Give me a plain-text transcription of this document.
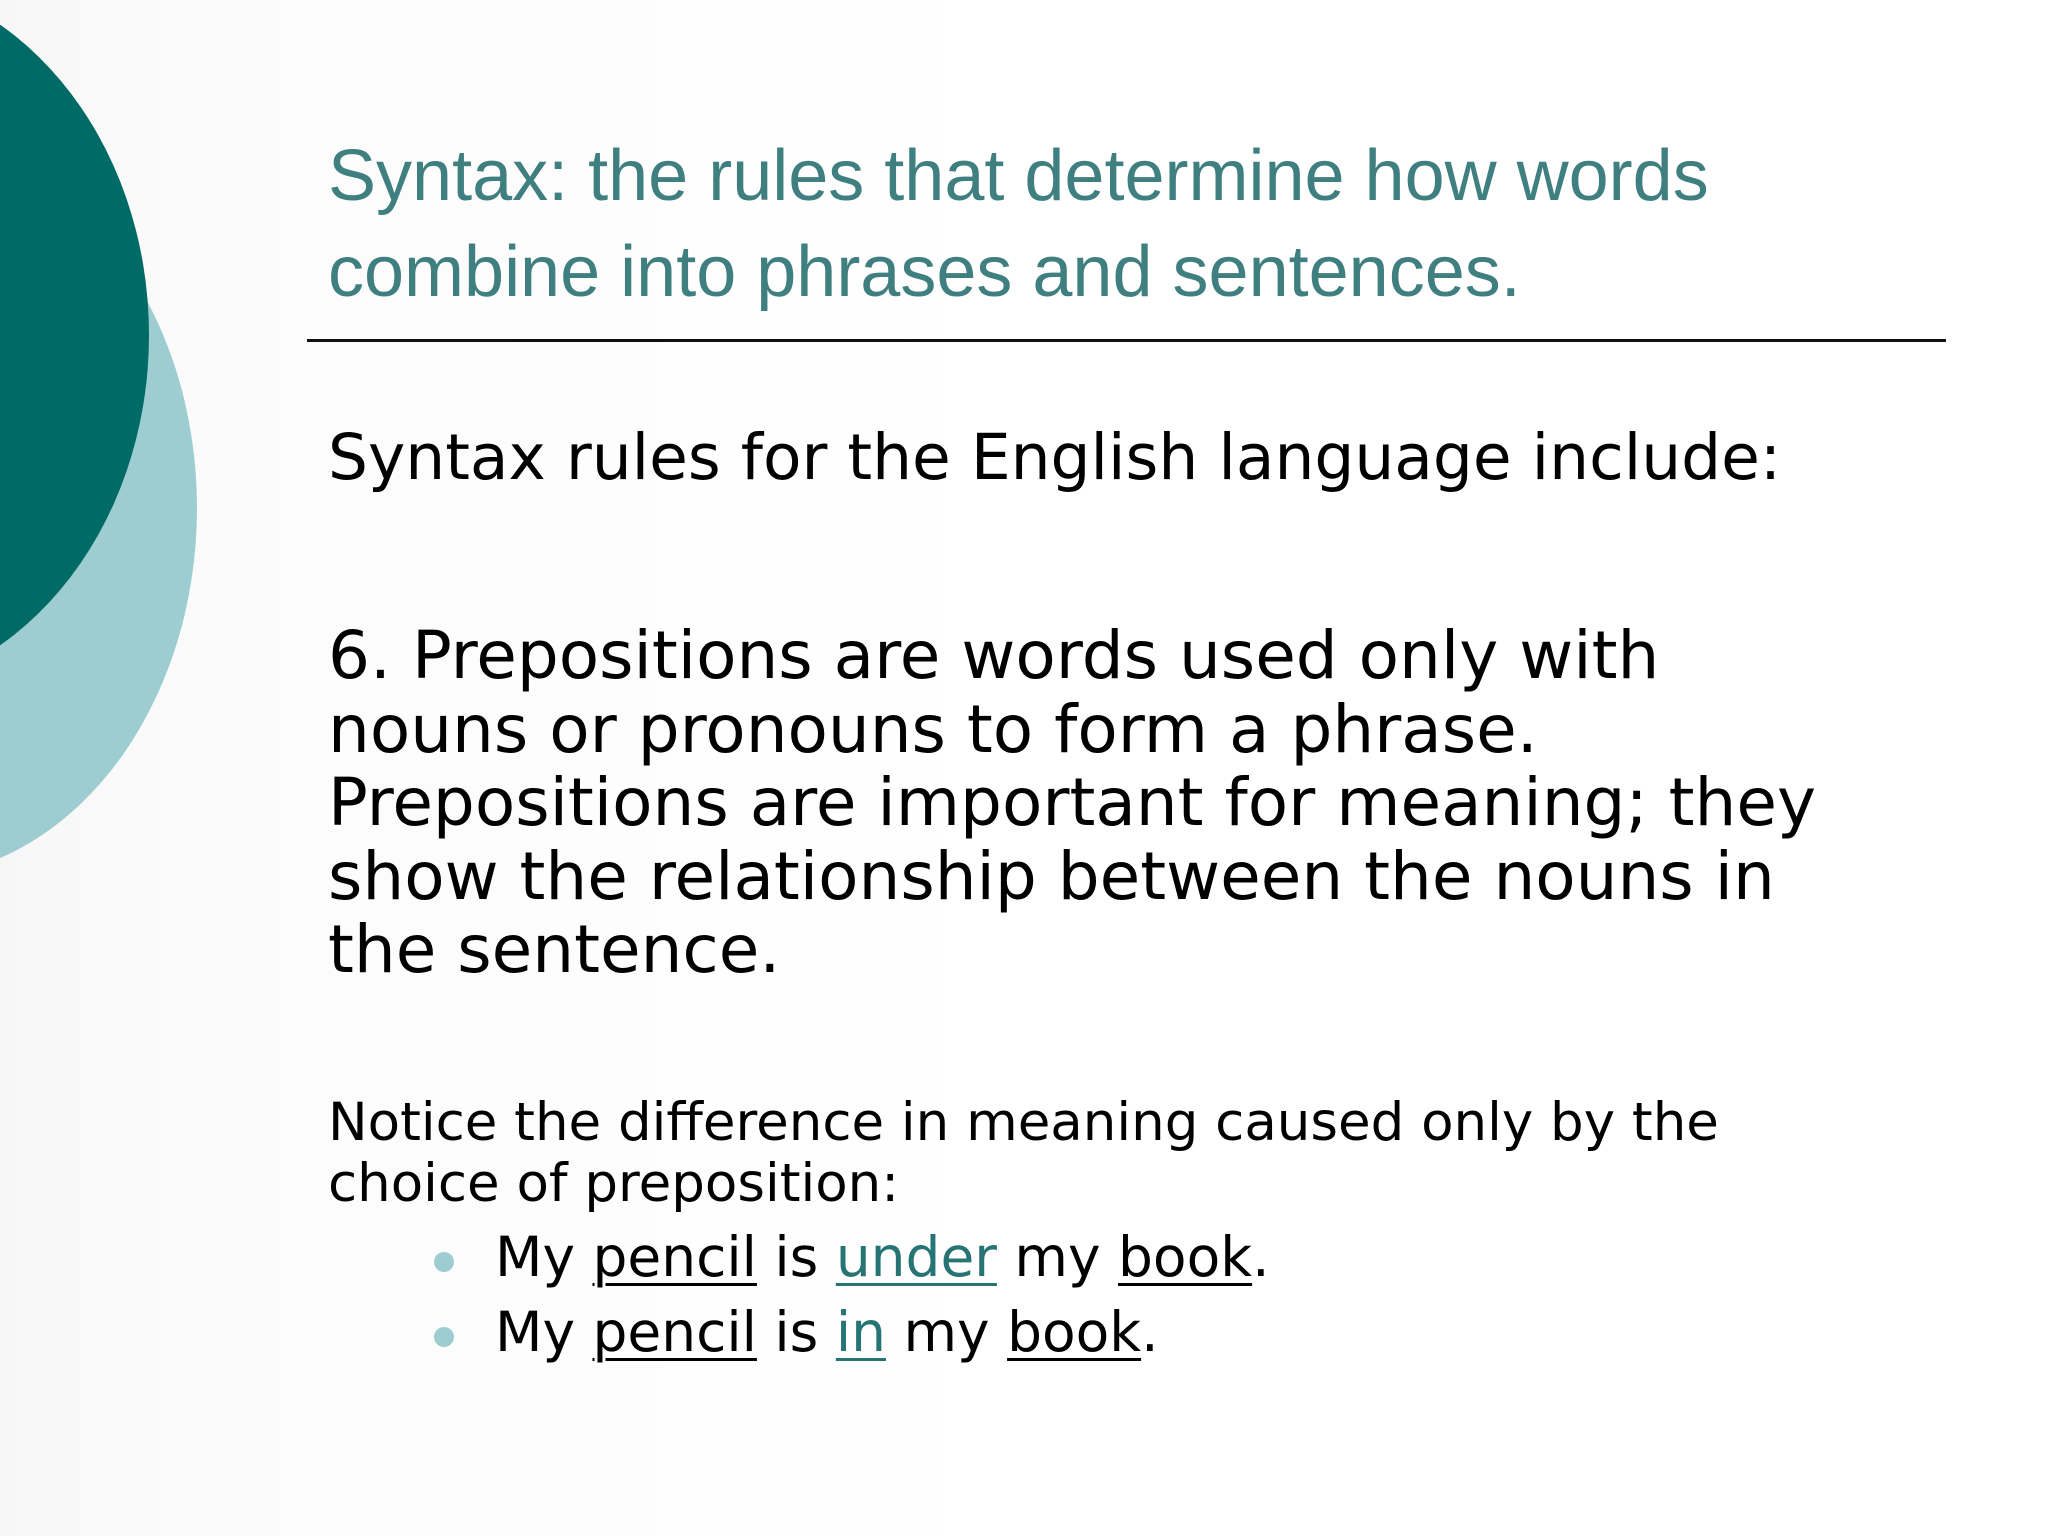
Syntax: the rules that determine how words
combine into phrases and sentences.

Syntax rules for the English language include:

6. Prepositions are words used only with
nouns or pronouns to form a phrase.
Prepositions are important for meaning; they
show the relationship between the nouns in
the sentence.

Notice the difference in meaning caused only by the
choice of preposition:

My pencil is under my book.
My pencil is in my book.
